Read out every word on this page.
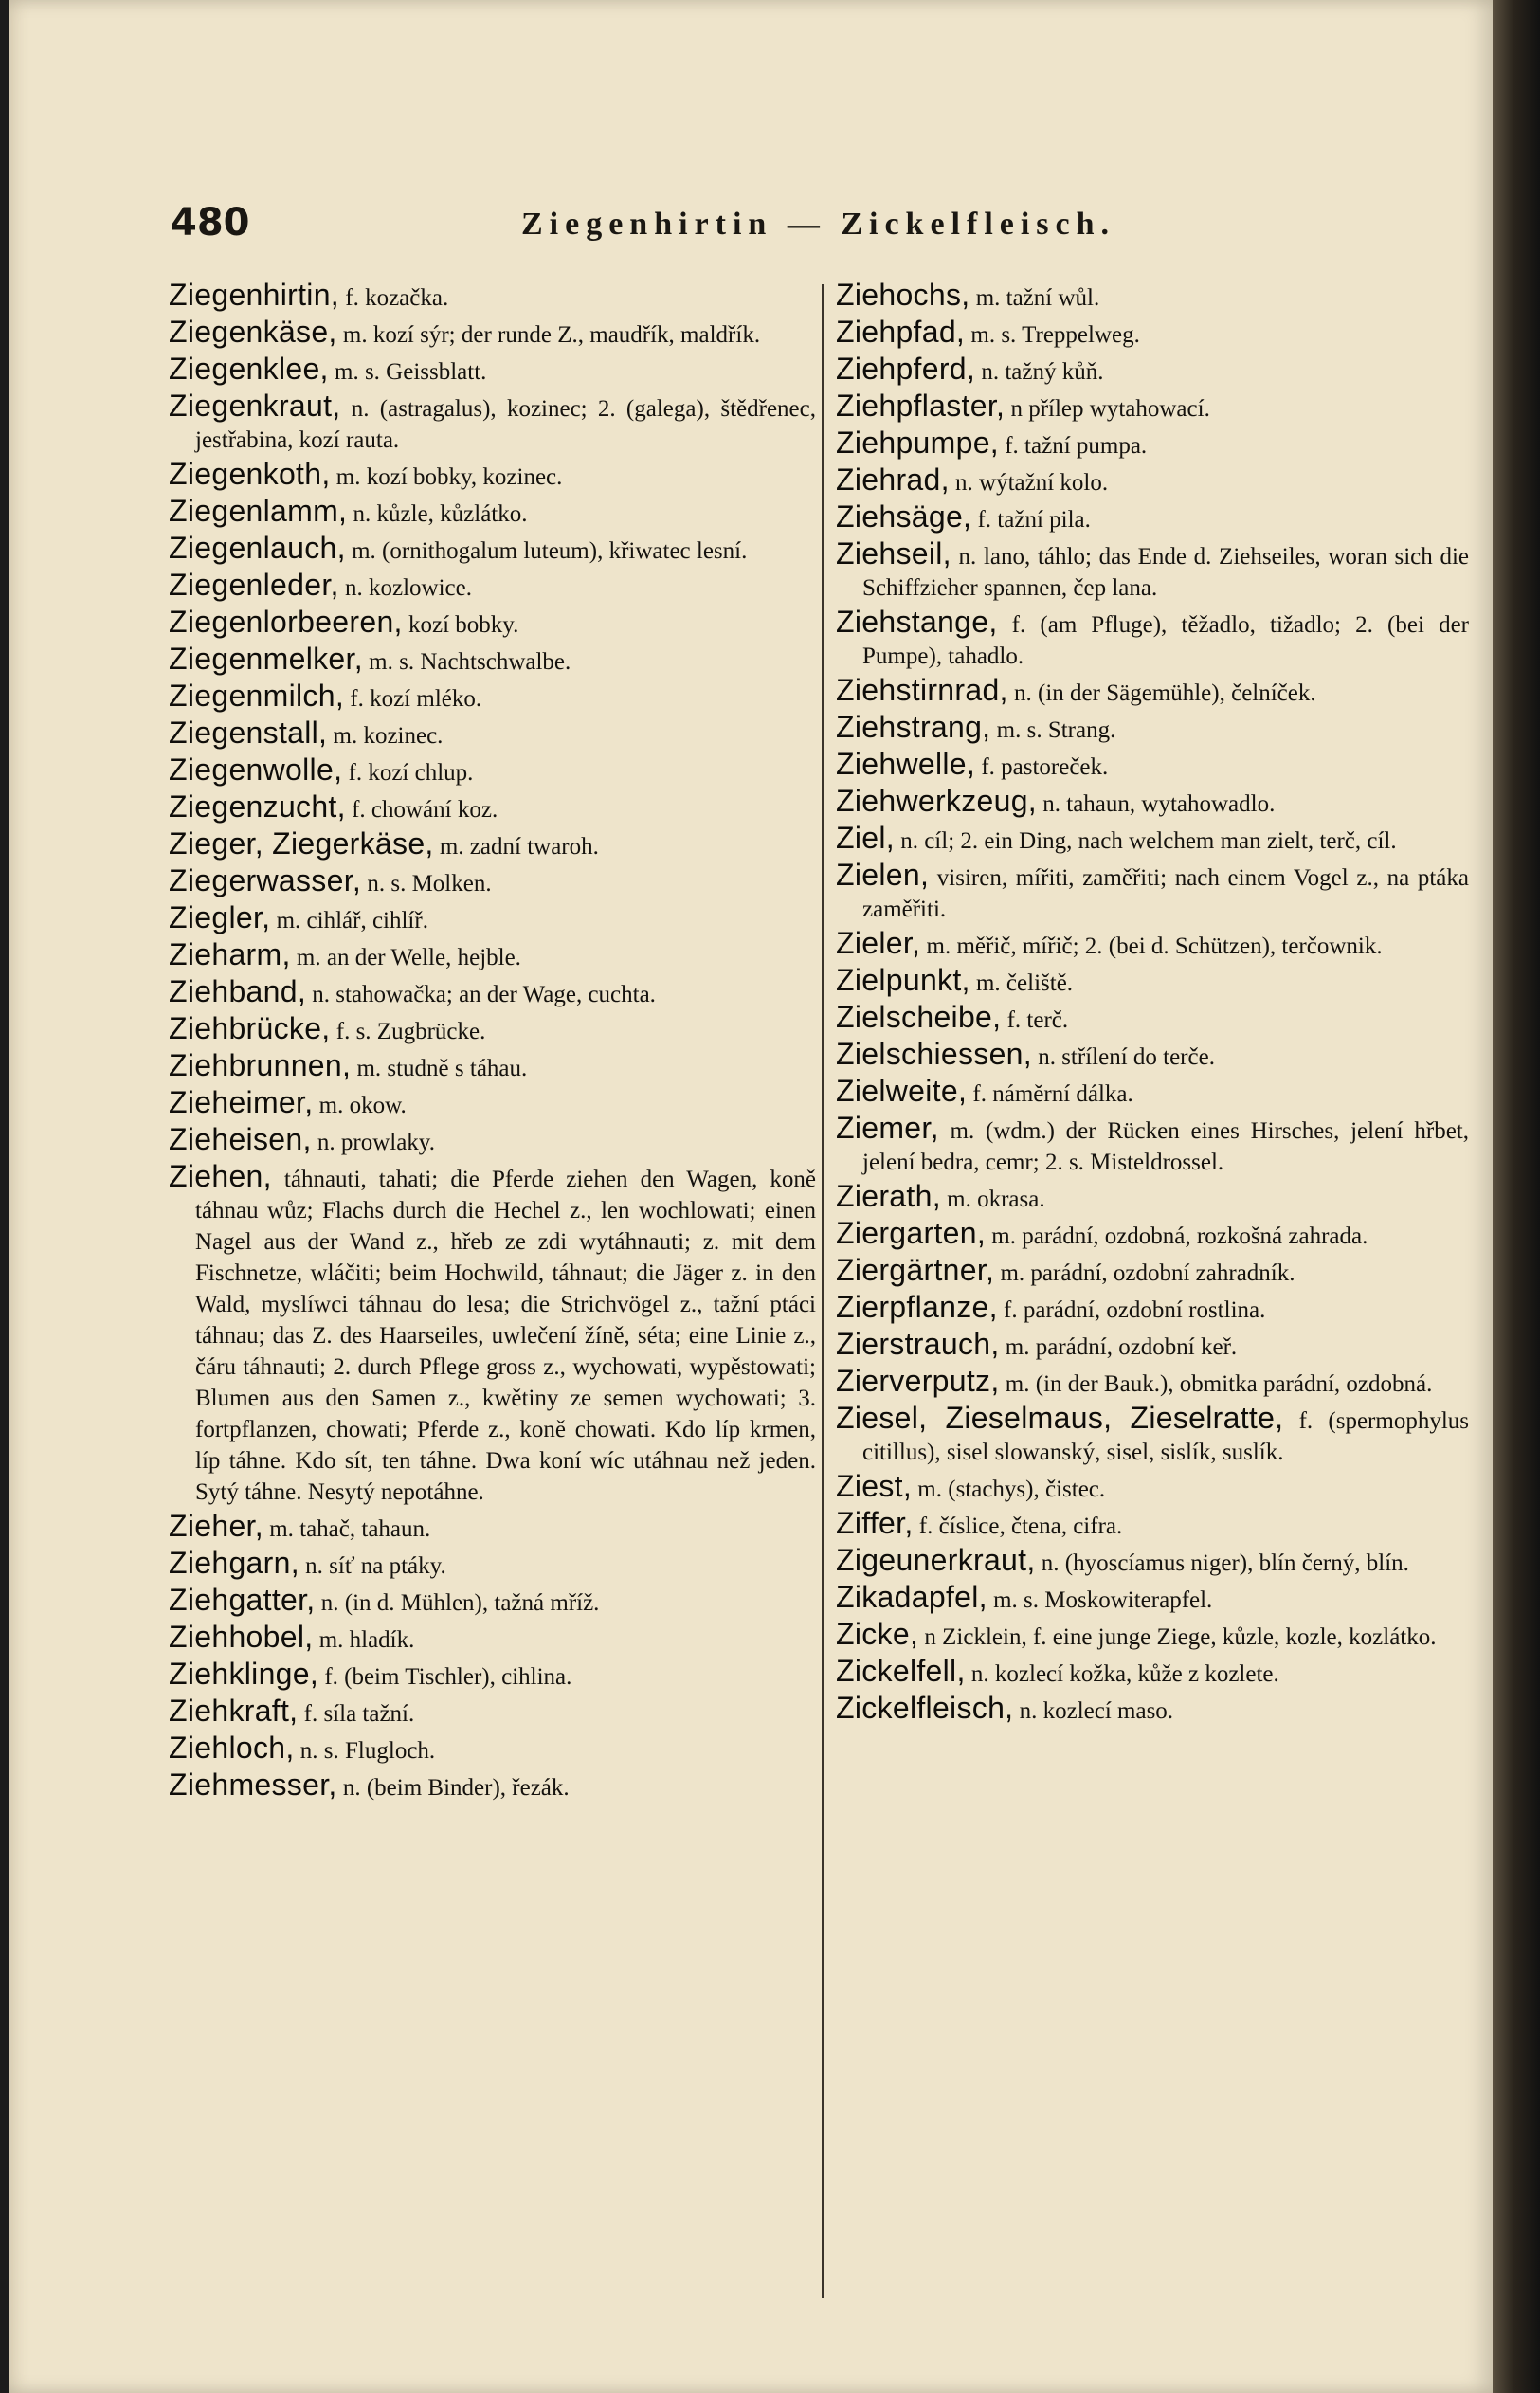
480	Ziegenhirtin — Zickelfleisch.
Ziegenhirtin, f. kozačka.
Ziegenkäse, m. kozí sýr; der runde Z., maudřík, maldřík.
Ziegenklee, m. s. Geissblatt.
Ziegenkraut, n. (astragalus), kozinec; 2. (galega), štědřenec, jestřabina, kozí rauta.
Ziegenkoth, m. kozí bobky, kozinec.
Ziegenlamm, n. kůzle, kůzlátko.
Ziegenlauch, m. (ornithogalum luteum), křiwatec lesní.
Ziegenleder, n. kozlowice.
Ziegenlorbeeren, kozí bobky.
Ziegenmelker, m. s. Nachtschwalbe.
Ziegenmilch, f. kozí mléko.
Ziegenstall, m. kozinec.
Ziegenwolle, f. kozí chlup.
Ziegenzucht, f. chowání koz.
Zieger, Ziegerkäse, m. zadní twaroh.
Ziegerwasser, n. s. Molken.
Ziegler, m. cihlář, cihlíř.
Zieharm, m. an der Welle, hejble.
Ziehband, n. stahowačka; an der Wage, cuchta.
Ziehbrücke, f. s. Zugbrücke.
Ziehbrunnen, m. studně s táhau.
Zieheimer, m. okow.
Zieheisen, n. prowlaky.
Ziehen, táhnauti, tahati; die Pferde ziehen den Wagen, koně táhnau wůz; Flachs durch die Hechel z., len wochlowati; einen Nagel aus der Wand z., hřeb ze zdi wytáhnauti; z. mit dem Fischnetze, wláčiti; beim Hochwild, táhnaut; die Jäger z. in den Wald, myslíwci táhnau do lesa; die Strichvögel z., tažní ptáci táhnau; das Z. des Haarseiles, uwlečení žíně, séta; eine Linie z., čáru táhnauti; 2. durch Pflege gross z., wychowati, wypěstowati; Blumen aus den Samen z., kwětiny ze semen wychowati; 3. fortpflanzen, chowati; Pferde z., koně chowati. Kdo líp krmen, líp táhne. Kdo sít, ten táhne. Dwa koní wíc utáhnau než jeden. Sytý táhne. Nesytý nepotáhne.
Zieher, m. tahač, tahaun.
Ziehgarn, n. síť na ptáky.
Ziehgatter, n. (in d. Mühlen), tažná mříž.
Ziehhobel, m. hladík.
Ziehklinge, f. (beim Tischler), cihlina.
Ziehkraft, f. síla tažní.
Ziehloch, n. s. Flugloch.
Ziehmesser, n. (beim Binder), řezák.
Ziehochs, m. tažní wůl.
Ziehpfad, m. s. Treppelweg.
Ziehpferd, n. tažný kůň.
Ziehpflaster, n přílep wytahowací.
Ziehpumpe, f. tažní pumpa.
Ziehrad, n. wýtažní kolo.
Ziehsäge, f. tažní pila.
Ziehseil, n. lano, táhlo; das Ende d. Ziehseiles, woran sich die Schiffzieher spannen, čep lana.
Ziehstange, f. (am Pfluge), těžadlo, tižadlo; 2. (bei der Pumpe), tahadlo.
Ziehstirnrad, n. (in der Sägemühle), čelníček.
Ziehstrang, m. s. Strang.
Ziehwelle, f. pastoreček.
Ziehwerkzeug, n. tahaun, wytahowadlo.
Ziel, n. cíl; 2. ein Ding, nach welchem man zielt, terč, cíl.
Zielen, visiren, mířiti, zaměřiti; nach einem Vogel z., na ptáka zaměřiti.
Zieler, m. měřič, mířič; 2. (bei d. Schützen), terčownik.
Zielpunkt, m. čeliště.
Zielscheibe, f. terč.
Zielschiessen, n. střílení do terče.
Zielweite, f. náměrní dálka.
Ziemer, m. (wdm.) der Rücken eines Hirsches, jelení hřbet, jelení bedra, cemr; 2. s. Misteldrossel.
Zierath, m. okrasa.
Ziergarten, m. parádní, ozdobná, rozkošná zahrada.
Ziergärtner, m. parádní, ozdobní zahradník.
Zierpflanze, f. parádní, ozdobní rostlina.
Zierstrauch, m. parádní, ozdobní keř.
Zierverputz, m. (in der Bauk.), obmitka parádní, ozdobná.
Ziesel, Zieselmaus, Zieselratte, f. (spermophylus citillus), sisel slowanský, sisel, sislík, suslík.
Ziest, m. (stachys), čistec.
Ziffer, f. číslice, čtena, cifra.
Zigeunerkraut, n. (hyoscíamus niger), blín černý, blín.
Zikadapfel, m. s. Moskowiterapfel.
Zicke, n Zicklein, f. eine junge Ziege, kůzle, kozle, kozlátko.
Zickelfell, n. kozlecí kožka, kůže z kozlete.
Zickelfleisch, n. kozlecí maso.
